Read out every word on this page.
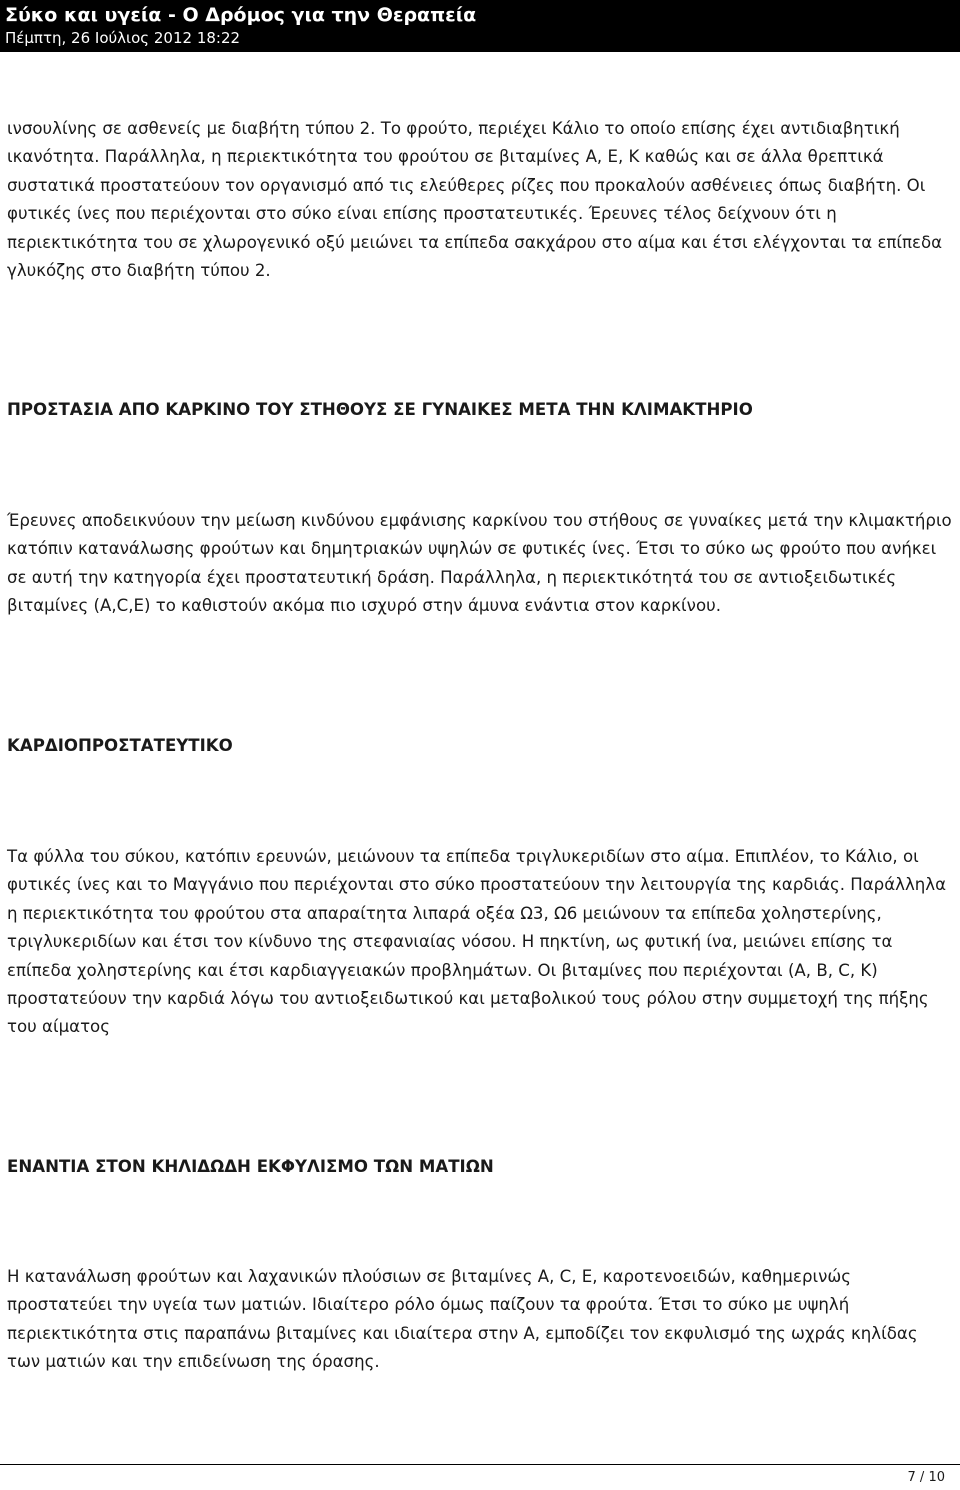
Σύκο και υγεία - Ο Δρόμος για την Θεραπεία
Πέμπτη, 26 Ιούλιος 2012 18:22

ινσουλίνης σε ασθενείς με διαβήτη τύπου 2. Το φρούτο, περιέχει Κάλιο το οποίο επίσης έχει αντιδιαβητική ικανότητα. Παράλληλα, η περιεκτικότητα του φρούτου σε βιταμίνες Α, Ε, Κ καθώς και σε άλλα θρεπτικά συστατικά προστατεύουν τον οργανισμό από τις ελεύθερες ρίζες που προκαλούν ασθένειες όπως διαβήτη. Οι φυτικές ίνες που περιέχονται στο σύκο είναι επίσης προστατευτικές. Έρευνες τέλος δείχνουν ότι η περιεκτικότητα του σε χλωρογενικό οξύ μειώνει τα επίπεδα σακχάρου στο αίμα και έτσι ελέγχονται τα επίπεδα γλυκόζης στο διαβήτη τύπου 2.

ΠΡΟΣΤΑΣΙΑ ΑΠΟ ΚΑΡΚΙΝΟ ΤΟΥ ΣΤΗΘΟΥΣ ΣΕ ΓΥΝΑΙΚΕΣ ΜΕΤΑ ΤΗΝ ΚΛΙΜΑΚΤΗΡΙΟ

Έρευνες αποδεικνύουν την μείωση κινδύνου εμφάνισης καρκίνου του στήθους σε γυναίκες μετά την κλιμακτήριο κατόπιν κατανάλωσης φρούτων και δημητριακών υψηλών σε φυτικές ίνες. Έτσι το σύκο ως φρούτο που ανήκει σε αυτή την κατηγορία έχει προστατευτική δράση. Παράλληλα, η περιεκτικότητά του σε αντιοξειδωτικές βιταμίνες (A,C,E) το καθιστούν ακόμα πιο ισχυρό στην άμυνα ενάντια στον καρκίνου.

ΚΑΡΔΙΟΠΡΟΣΤΑΤΕΥΤΙΚΟ

Τα φύλλα του σύκου, κατόπιν ερευνών, μειώνουν τα επίπεδα τριγλυκεριδίων στο αίμα. Επιπλέον, το Κάλιο, οι φυτικές ίνες και το Μαγγάνιο που περιέχονται στο σύκο προστατεύουν την λειτουργία της καρδιάς. Παράλληλα η περιεκτικότητα του φρούτου στα απαραίτητα λιπαρά οξέα Ω3, Ω6 μειώνουν τα επίπεδα χοληστερίνης, τριγλυκεριδίων και έτσι τον κίνδυνο της στεφανιαίας νόσου. Η πηκτίνη, ως φυτική ίνα, μειώνει επίσης τα επίπεδα χοληστερίνης και έτσι καρδιαγγειακών προβλημάτων. Οι βιταμίνες που περιέχονται (A, B, C, K) προστατεύουν την καρδιά λόγω του αντιοξειδωτικού και μεταβολικού τους ρόλου στην συμμετοχή της πήξης του αίματος

ΕΝΑΝΤΙΑ ΣΤΟΝ ΚΗΛΙΔΩΔΗ ΕΚΦΥΛΙΣΜΟ ΤΩΝ ΜΑΤΙΩΝ

Η κατανάλωση φρούτων και λαχανικών πλούσιων σε βιταμίνες A, C, E, καροτενοειδών, καθημερινώς προστατεύει την υγεία των ματιών. Ιδιαίτερο ρόλο όμως παίζουν τα φρούτα. Έτσι το σύκο με υψηλή περιεκτικότητα στις παραπάνω βιταμίνες και ιδιαίτερα στην Α, εμποδίζει τον εκφυλισμό της ωχράς κηλίδας των ματιών και την επιδείνωση της όρασης.

7 / 10
